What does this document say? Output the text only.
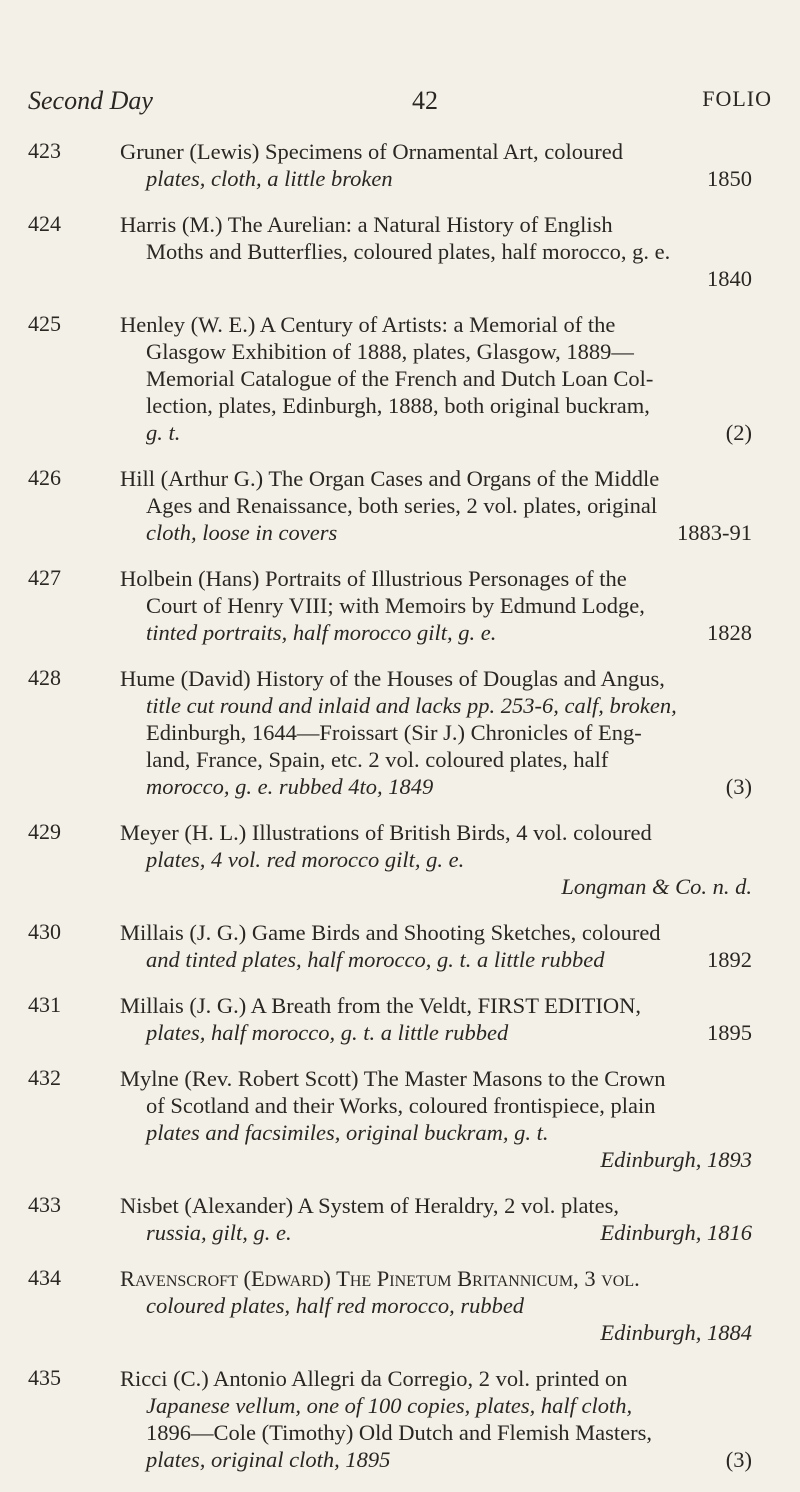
Second Day	42	FOLIO
423	Gruner (Lewis) Specimens of Ornamental Art, coloured
plates, cloth, a little broken	1850
424	Harris (M.) The Aurelian: a Natural History of English
Moths and Butterflies, coloured plates, half morocco, g. e.
1840
425	Henley (W. E.) A Century of Artists: a Memorial of the
Glasgow Exhibition of 1888, plates, Glasgow, 1889—
Memorial Catalogue of the French and Dutch Loan Col-
lection, plates, Edinburgh, 1888, both original buckram,
g. t.	(2)
426	Hill (Arthur G.) The Organ Cases and Organs of the Middle
Ages and Renaissance, both series, 2 vol. plates, original
cloth, loose in covers	1883-91
427	Holbein (Hans) Portraits of Illustrious Personages of the
Court of Henry VIII; with Memoirs by Edmund Lodge,
tinted portraits, half morocco gilt, g. e.	1828
428	Hume (David) History of the Houses of Douglas and Angus,
title cut round and inlaid and lacks pp. 253-6, calf, broken,
Edinburgh, 1644—Froissart (Sir J.) Chronicles of Eng-
land, France, Spain, etc. 2 vol. coloured plates, half
morocco, g. e. rubbed 4to, 1849	(3)
429	Meyer (H. L.) Illustrations of British Birds, 4 vol. coloured
plates, 4 vol. red morocco gilt, g. e.
Longman & Co. n. d.
430	Millais (J. G.) Game Birds and Shooting Sketches, coloured
and tinted plates, half morocco, g. t. a little rubbed	1892
431	Millais (J. G.) A Breath from the Veldt, FIRST EDITION,
plates, half morocco, g. t. a little rubbed	1895
432	Mylne (Rev. Robert Scott) The Master Masons to the Crown
of Scotland and their Works, coloured frontispiece, plain
plates and facsimiles, original buckram, g. t.
Edinburgh, 1893
433	Nisbet (Alexander) A System of Heraldry, 2 vol. plates,
russia, gilt, g. e.	Edinburgh, 1816
434	Ravenscroft (Edward) The Pinetum Britannicum, 3 vol.
coloured plates, half red morocco, rubbed
Edinburgh, 1884
435	Ricci (C.) Antonio Allegri da Corregio, 2 vol. printed on
Japanese vellum, one of 100 copies, plates, half cloth,
1896—Cole (Timothy) Old Dutch and Flemish Masters,
plates, original cloth, 1895	(3)
